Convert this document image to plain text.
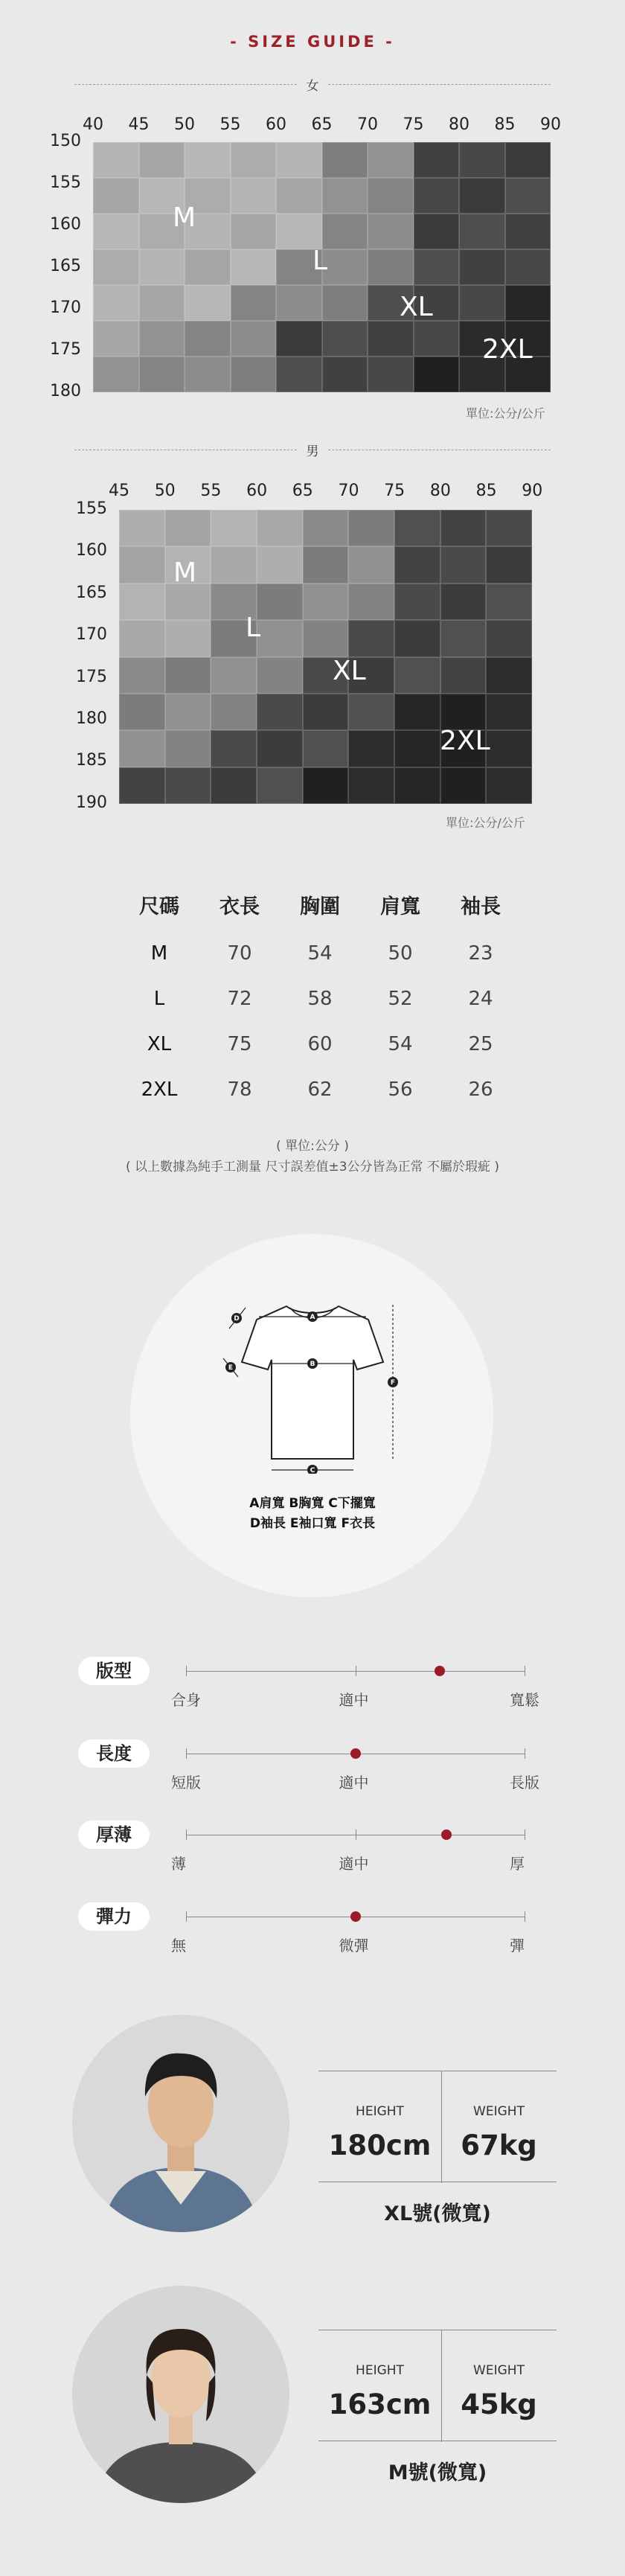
- SIZE GUIDE -
女
40	45	50	55	60	65	70	75	80	85	90
150
155
160
165
170
175
180
M
L
XL
2XL
單位:公分/公斤
男
45	50	55	60	65	70	75	80	85	90
155
160
165
170
175
180
185
190
M
L
XL
2XL
單位:公分/公斤
尺碼	衣長	胸圍	肩寬	袖長
M	70	54	50	23
L	72	58	52	24
XL	75	60	54	25
2XL	78	62	56	26
( 單位:公分 )
( 以上數據為純手工測量 尺寸誤差值±3公分皆為正常 不屬於瑕疵 )
A
B
C
D
E
F
A肩寬 B胸寬 C下擺寬
D袖長 E袖口寬 F衣長
版型
合身	適中	寬鬆
長度
短版	適中	長版
厚薄
薄	適中	厚
彈力
無	微彈	彈
HEIGHT	WEIGHT
180cm	67kg
XL號(微寬)
HEIGHT	WEIGHT
163cm	45kg
M號(微寬)
